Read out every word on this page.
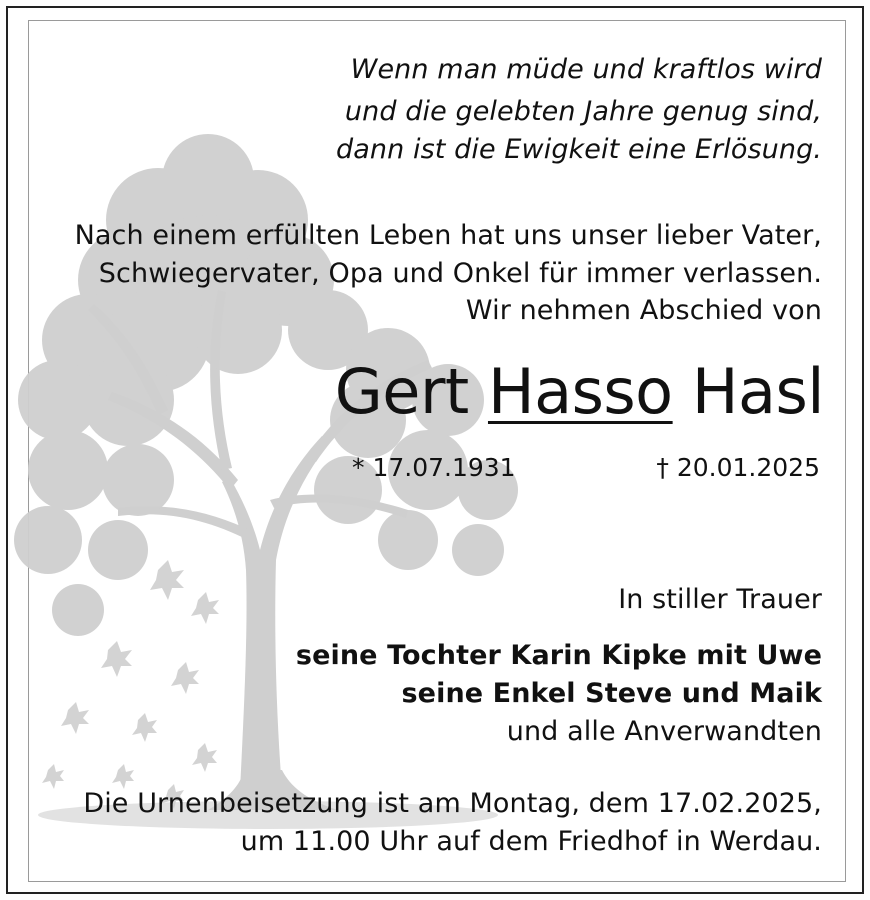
Wenn man müde und kraftlos wird
und die gelebten Jahre genug sind,
dann ist die Ewigkeit eine Erlösung.
Nach einem erfüllten Leben hat uns unser lieber Vater,
Schwiegervater, Opa und Onkel für immer verlassen.
Wir nehmen Abschied von
Gert Hasso Hasl
* 17.07.1931	† 20.01.2025
In stiller Trauer
seine Tochter Karin Kipke mit Uwe
seine Enkel Steve und Maik
und alle Anverwandten
Die Urnenbeisetzung ist am Montag, dem 17.02.2025,
um 11.00 Uhr auf dem Friedhof in Werdau.
